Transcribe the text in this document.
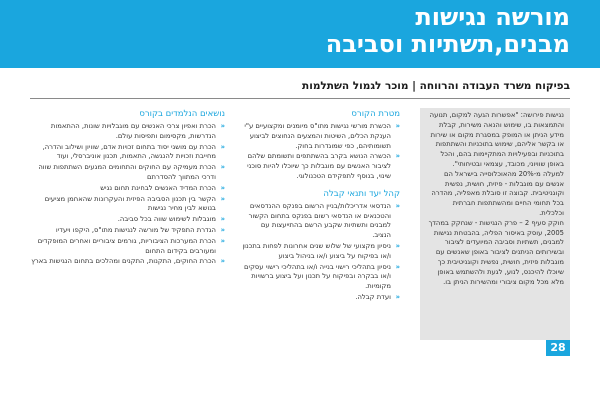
מורשה נגישות
מבנים,תשתיות וסביבה
בפיקוח משרד העבודה והרווחה | מוכר לגמול השתלמות

נגישות פירושה: "אפשרות הגעה למקום, תנועה והתמצאות בו, שימוש והנאה משירות, קבלת מידע הניתן או המופק במסגרת מקום או שירות או בקשר אליהם, שימוש בתוכניות והשתתפות בתוכניות ובפעילויות המתקיימות בהם, והכל באופן שוויוני, מכובד, עצמאי ובטיחותי".

למעלה מ-20% מהאוכלוסייה בישראל הם אנשים עם מוגבלות - פיזית, חושית, נפשית וקוגניטיבית. קבוצה זו סובלת מאפליה, מהדרה בכל תחומי החיים ומהשתתפות חברתית וכלכלית.

חוקק סעיף 2 – פרק הנגישות - שנחקק במהדך 2005, עוסק באיסור הפליה, בהבטחת נגישות למבנים, תשתיות וסביבה המיועדים לציבור ובשירותים הניתנים לציבור באופן שאנשים עם מוגבלות פיזית, חושית, נפשית וקוגניטיבית כך שיוכלו להיכנס, לנוע, לגעת ולהשתמש באופן מלא מכל מקום ציבורי ומהשירות הניתן בו.

מטרת הקורס
« הכשרת מורשי נגישות מתו"ס מיומנים ומקצועיים ע"י הענקת הכלים, השיטות והמצעים הנחוצים לביצוע תשומותיהם, כפי שמוגדרות בחוק.
« הכשרה הנושא בקרב בהשתתפים ותשומתם שלהם לציבור האנשים עם מוגבלות כך שיוכלו להיות סוכני שינוי, בנוסף לתפקידם הטכנולוגי.
קהל יעד ותנאי קבלה
« הנדסאי אדריכלות/בניין הרשום בפנקס ההנדסאים והטכנאים או הנדסאי רשום בפנקס בתחום הקשור למבנים ותשתיות שקבע הרשם בהתייעצות עם הנציב.
« ניסיון מקצועי של שלוש שנים אחרונות לפחות בתכנון ו/או בפיקוח על ביצוע ו/או בניהול ביצוע
« ניסיון בתהליכי רישוי בנייה ו/או בתהליכי רישוי עסקים ו/או בבקרה ובפיקוח על תכנון ועל ביצוע ברשויות מקומיות.
« ועדת קבלה.
נושאים הנלמדים בקורס
« הכרת ואפיון צרכי האנשים עם מוגבלויות שונות, ההתאמות הנדרשות, מקסימום ותפיסות עולם.
« הכרת עם מושגי יסוד בתחום זכויות אדם, שוויון ושילוב והדרה, מחייבת וזכויות להנגשה, התאמות, תכנון אוניברסלי, ועוד
« הכרת מעמיקה עם החוקים והתחומים המגעים השתתפות שווה ודרכי המתווך להסדרתם
« הכרת המדיד האנשים לבחינת תחום נגיש
« הקשר בין תכנון הסביבה הפיזית והעקרונות שהאחמן מציעים בנושא לבין מחיר נגישות
« מוגבלות לשימוש שווה בכל סביבה.
« הגדרת התפקיד של מורשה לנגישות מתו"ס, היקפו ויעדיו
« הכרת המערכות הציבוריות, גורמים ציבוריים ואחרים המופקדים ומעורבים בקידום התחום
« הכרת החוקים, התקנות, התקנים ומהלכים בתחום הנגישות בארץ
28
